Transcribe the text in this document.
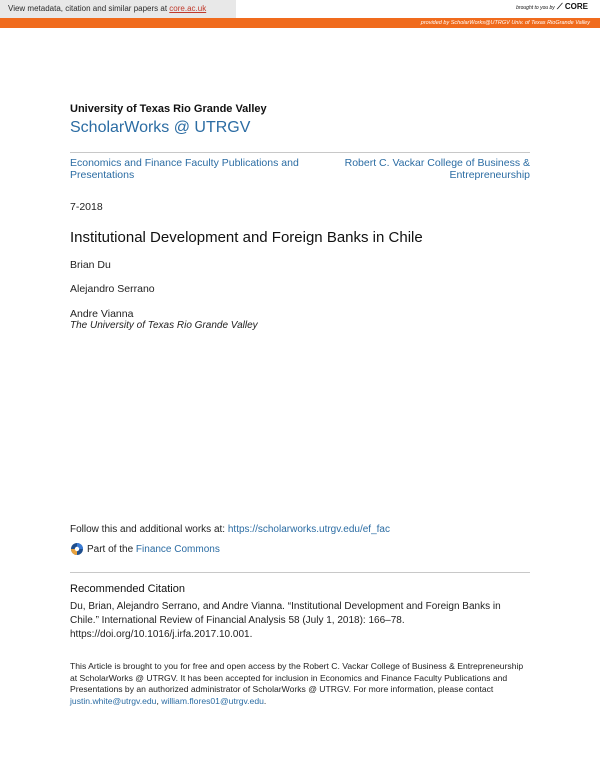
View metadata, citation and similar papers at core.ac.uk	brought to you by ⟋ CORE
provided by ScholarWorks@UTRGV Univ. of Texas RioGrande Valley
University of Texas Rio Grande Valley
ScholarWorks @ UTRGV
Economics and Finance Faculty Publications and Presentations
Robert C. Vackar College of Business & Entrepreneurship
7-2018
Institutional Development and Foreign Banks in Chile
Brian Du
Alejandro Serrano
Andre Vianna
The University of Texas Rio Grande Valley
Follow this and additional works at: https://scholarworks.utrgv.edu/ef_fac
Part of the Finance Commons
Recommended Citation
Du, Brian, Alejandro Serrano, and Andre Vianna. “Institutional Development and Foreign Banks in Chile.” International Review of Financial Analysis 58 (July 1, 2018): 166–78. https://doi.org/10.1016/j.irfa.2017.10.001.
This Article is brought to you for free and open access by the Robert C. Vackar College of Business & Entrepreneurship at ScholarWorks @ UTRGV. It has been accepted for inclusion in Economics and Finance Faculty Publications and Presentations by an authorized administrator of ScholarWorks @ UTRGV. For more information, please contact justin.white@utrgv.edu, william.flores01@utrgv.edu.
